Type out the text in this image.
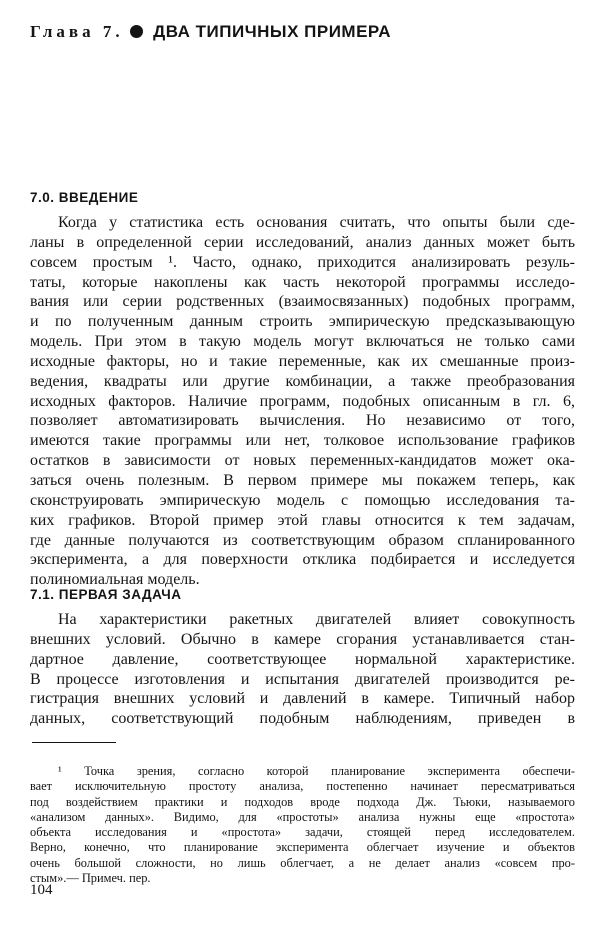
Глава 7. ДВА ТИПИЧНЫХ ПРИМЕРА
7.0. ВВЕДЕНИЕ
Когда у статистика есть основания считать, что опыты были сде-
ланы в определенной серии исследований, анализ данных может быть
совсем простым ¹. Часто, однако, приходится анализировать резуль-
таты, которые накоплены как часть некоторой программы исследо-
вания или серии родственных (взаимосвязанных) подобных программ,
и по полученным данным строить эмпирическую предсказывающую
модель. При этом в такую модель могут включаться не только сами
исходные факторы, но и такие переменные, как их смешанные произ-
ведения, квадраты или другие комбинации, а также преобразования
исходных факторов. Наличие программ, подобных описанным в гл. 6,
позволяет автоматизировать вычисления. Но независимо от того,
имеются такие программы или нет, толковое использование графиков
остатков в зависимости от новых переменных-кандидатов может ока-
заться очень полезным. В первом примере мы покажем теперь, как
сконструировать эмпирическую модель с помощью исследования та-
ких графиков. Второй пример этой главы относится к тем задачам,
где данные получаются из соответствующим образом спланированного
эксперимента, а для поверхности отклика подбирается и исследуется
полиномиальная модель.
7.1. ПЕРВАЯ ЗАДАЧА
На характеристики ракетных двигателей влияет совокупность
внешних условий. Обычно в камере сгорания устанавливается стан-
дартное давление, соответствующее нормальной характеристике.
В процессе изготовления и испытания двигателей производится ре-
гистрация внешних условий и давлений в камере. Типичный набор
данных, соответствующий подобным наблюдениям, приведен в
¹ Точка зрения, согласно которой планирование эксперимента обеспечи-
вает исключительную простоту анализа, постепенно начинает пересматриваться
под воздействием практики и подходов вроде подхода Дж. Тьюки, называемого
«анализом данных». Видимо, для «простоты» анализа нужны еще «простота»
объекта исследования и «простота» задачи, стоящей перед исследователем.
Верно, конечно, что планирование эксперимента облегчает изучение и объектов
очень большой сложности, но лишь облегчает, а не делает анализ «совсем про-
стым».— Примеч. пер.
104
